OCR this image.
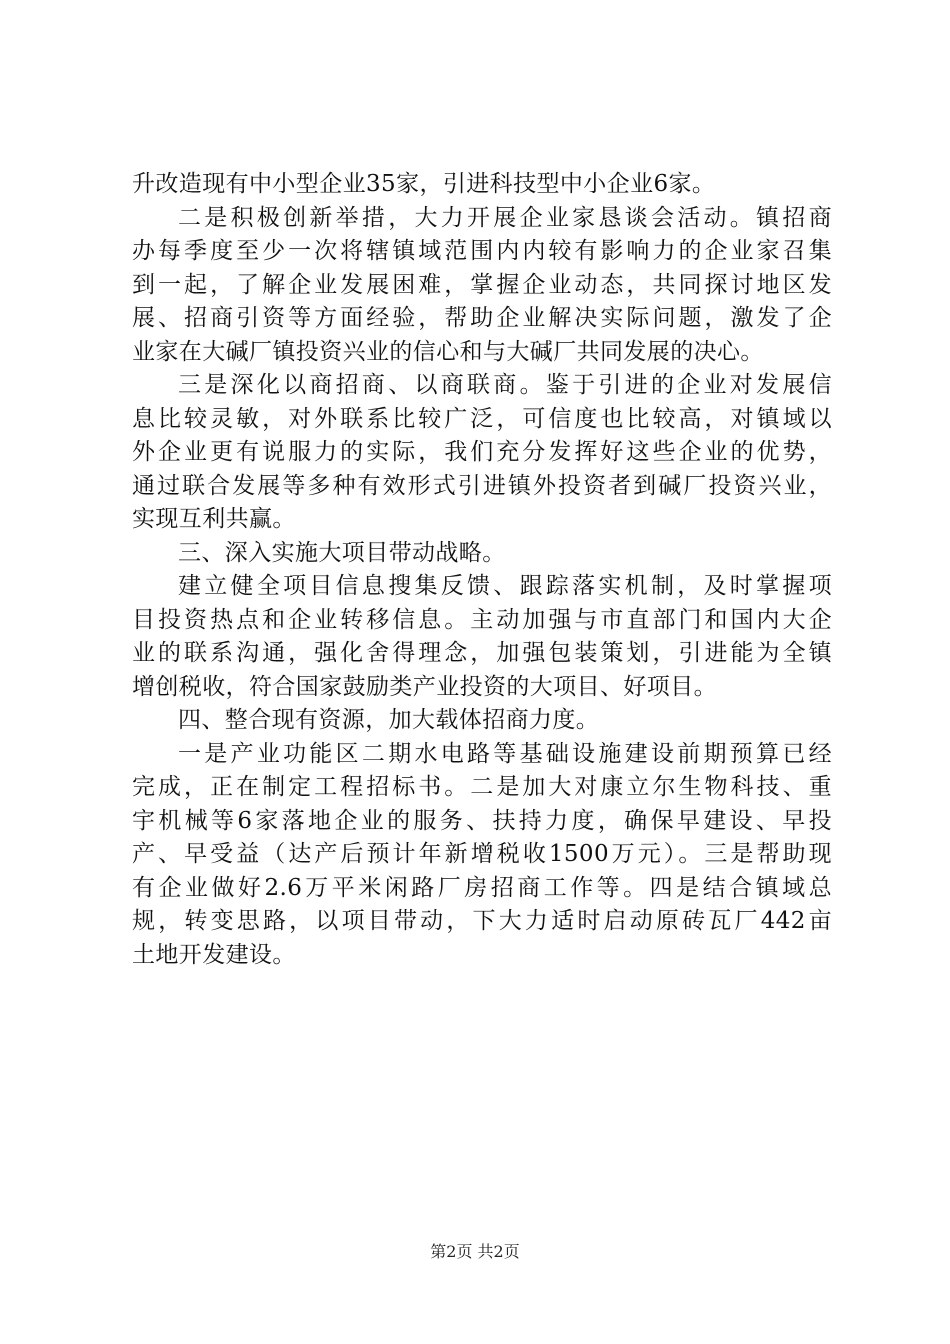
升改造现有中小型企业35家，引进科技型中小企业6家。
二是积极创新举措，大力开展企业家恳谈会活动。镇招商
办每季度至少一次将辖镇域范围内内较有影响力的企业家召集
到一起，了解企业发展困难，掌握企业动态，共同探讨地区发
展、招商引资等方面经验，帮助企业解决实际问题，激发了企
业家在大碱厂镇投资兴业的信心和与大碱厂共同发展的决心。
三是深化以商招商、以商联商。鉴于引进的企业对发展信
息比较灵敏，对外联系比较广泛，可信度也比较高，对镇域以
外企业更有说服力的实际，我们充分发挥好这些企业的优势，
通过联合发展等多种有效形式引进镇外投资者到碱厂投资兴业，
实现互利共赢。
三、深入实施大项目带动战略。
建立健全项目信息搜集反馈、跟踪落实机制，及时掌握项
目投资热点和企业转移信息。主动加强与市直部门和国内大企
业的联系沟通，强化舍得理念，加强包装策划，引进能为全镇
增创税收，符合国家鼓励类产业投资的大项目、好项目。
四、整合现有资源，加大载体招商力度。
一是产业功能区二期水电路等基础设施建设前期预算已经
完成，正在制定工程招标书。二是加大对康立尔生物科技、重
宇机械等6家落地企业的服务、扶持力度，确保早建设、早投
产、早受益（达产后预计年新增税收1500万元）。三是帮助现
有企业做好2.6万平米闲路厂房招商工作等。四是结合镇域总
规，转变思路，以项目带动，下大力适时启动原砖瓦厂442亩
土地开发建设。
第2页 共2页
